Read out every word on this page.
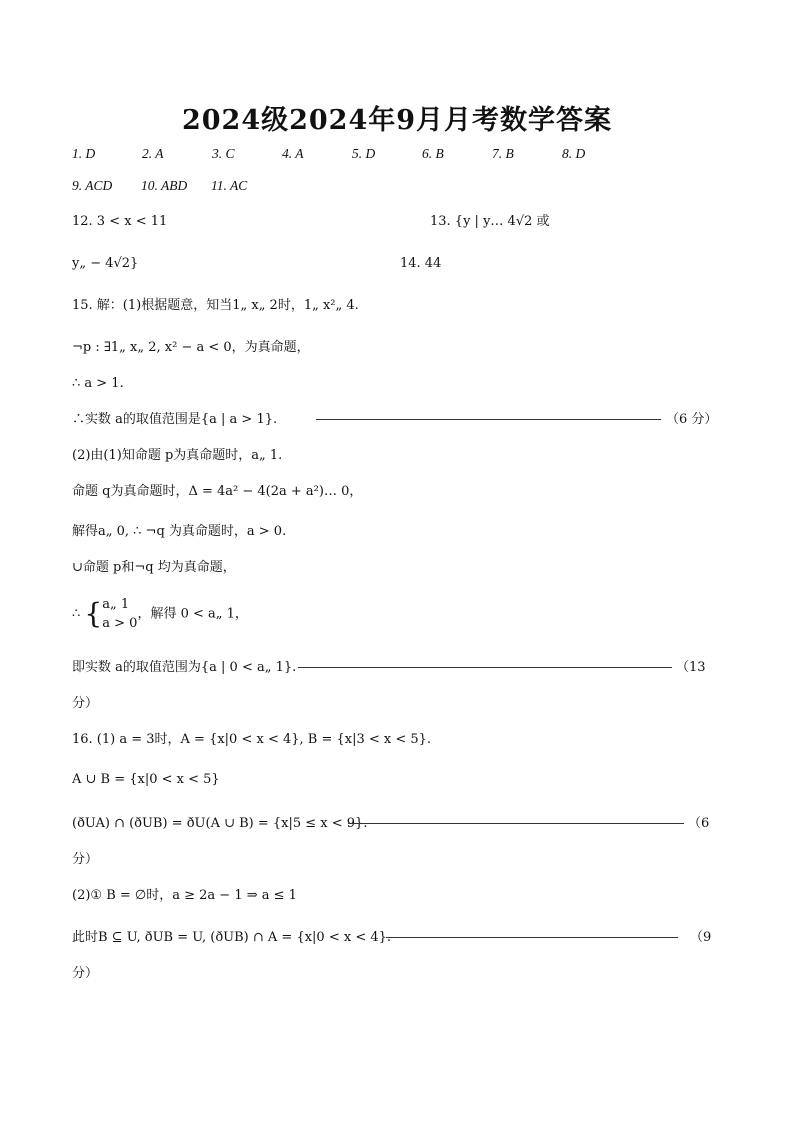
2024级2024年9月月考数学答案
1. D	2. A	3. C	4. A	5. D	6. B	7. B	8. D
9. ACD 10. ABD 11. AC
12. 3 < x < 11	13. {y | y… 4√2 或
y„ − 4√2}	14. 44
15. 解：(1)根据题意，知当1„ x„ 2时，1„ x²„ 4.
¬p : ∃1„ x„ 2, x² − a < 0，为真命题，
∴ a > 1.
∴实数 a的取值范围是{a | a > 1}.	（6 分）
(2)由(1)知命题 p为真命题时，a„ 1.
命题 q为真命题时，Δ = 4a² − 4(2a + a²)… 0，
解得a„ 0, ∴ ¬q 为真命题时，a > 0.
∪命题 p和¬q 均为真命题，
∴ { a„ 1
a > 0
，解得 0 < a„ 1，
即实数 a的取值范围为{a | 0 < a„ 1}.	（13
分）
16. (1) a = 3时，A = {x|0 < x < 4}, B = {x|3 < x < 5}.
A ∪ B = {x|0 < x < 5}
(ðUA) ∩ (ðUB) = ðU(A ∪ B) = {x|5 ≤ x < 9}.	（6
分）
(2)① B = ∅时，a ≥ 2a − 1 ⇒ a ≤ 1
此时B ⊆ U, ðUB = U, (ðUB) ∩ A = {x|0 < x < 4}.	（9
分）
